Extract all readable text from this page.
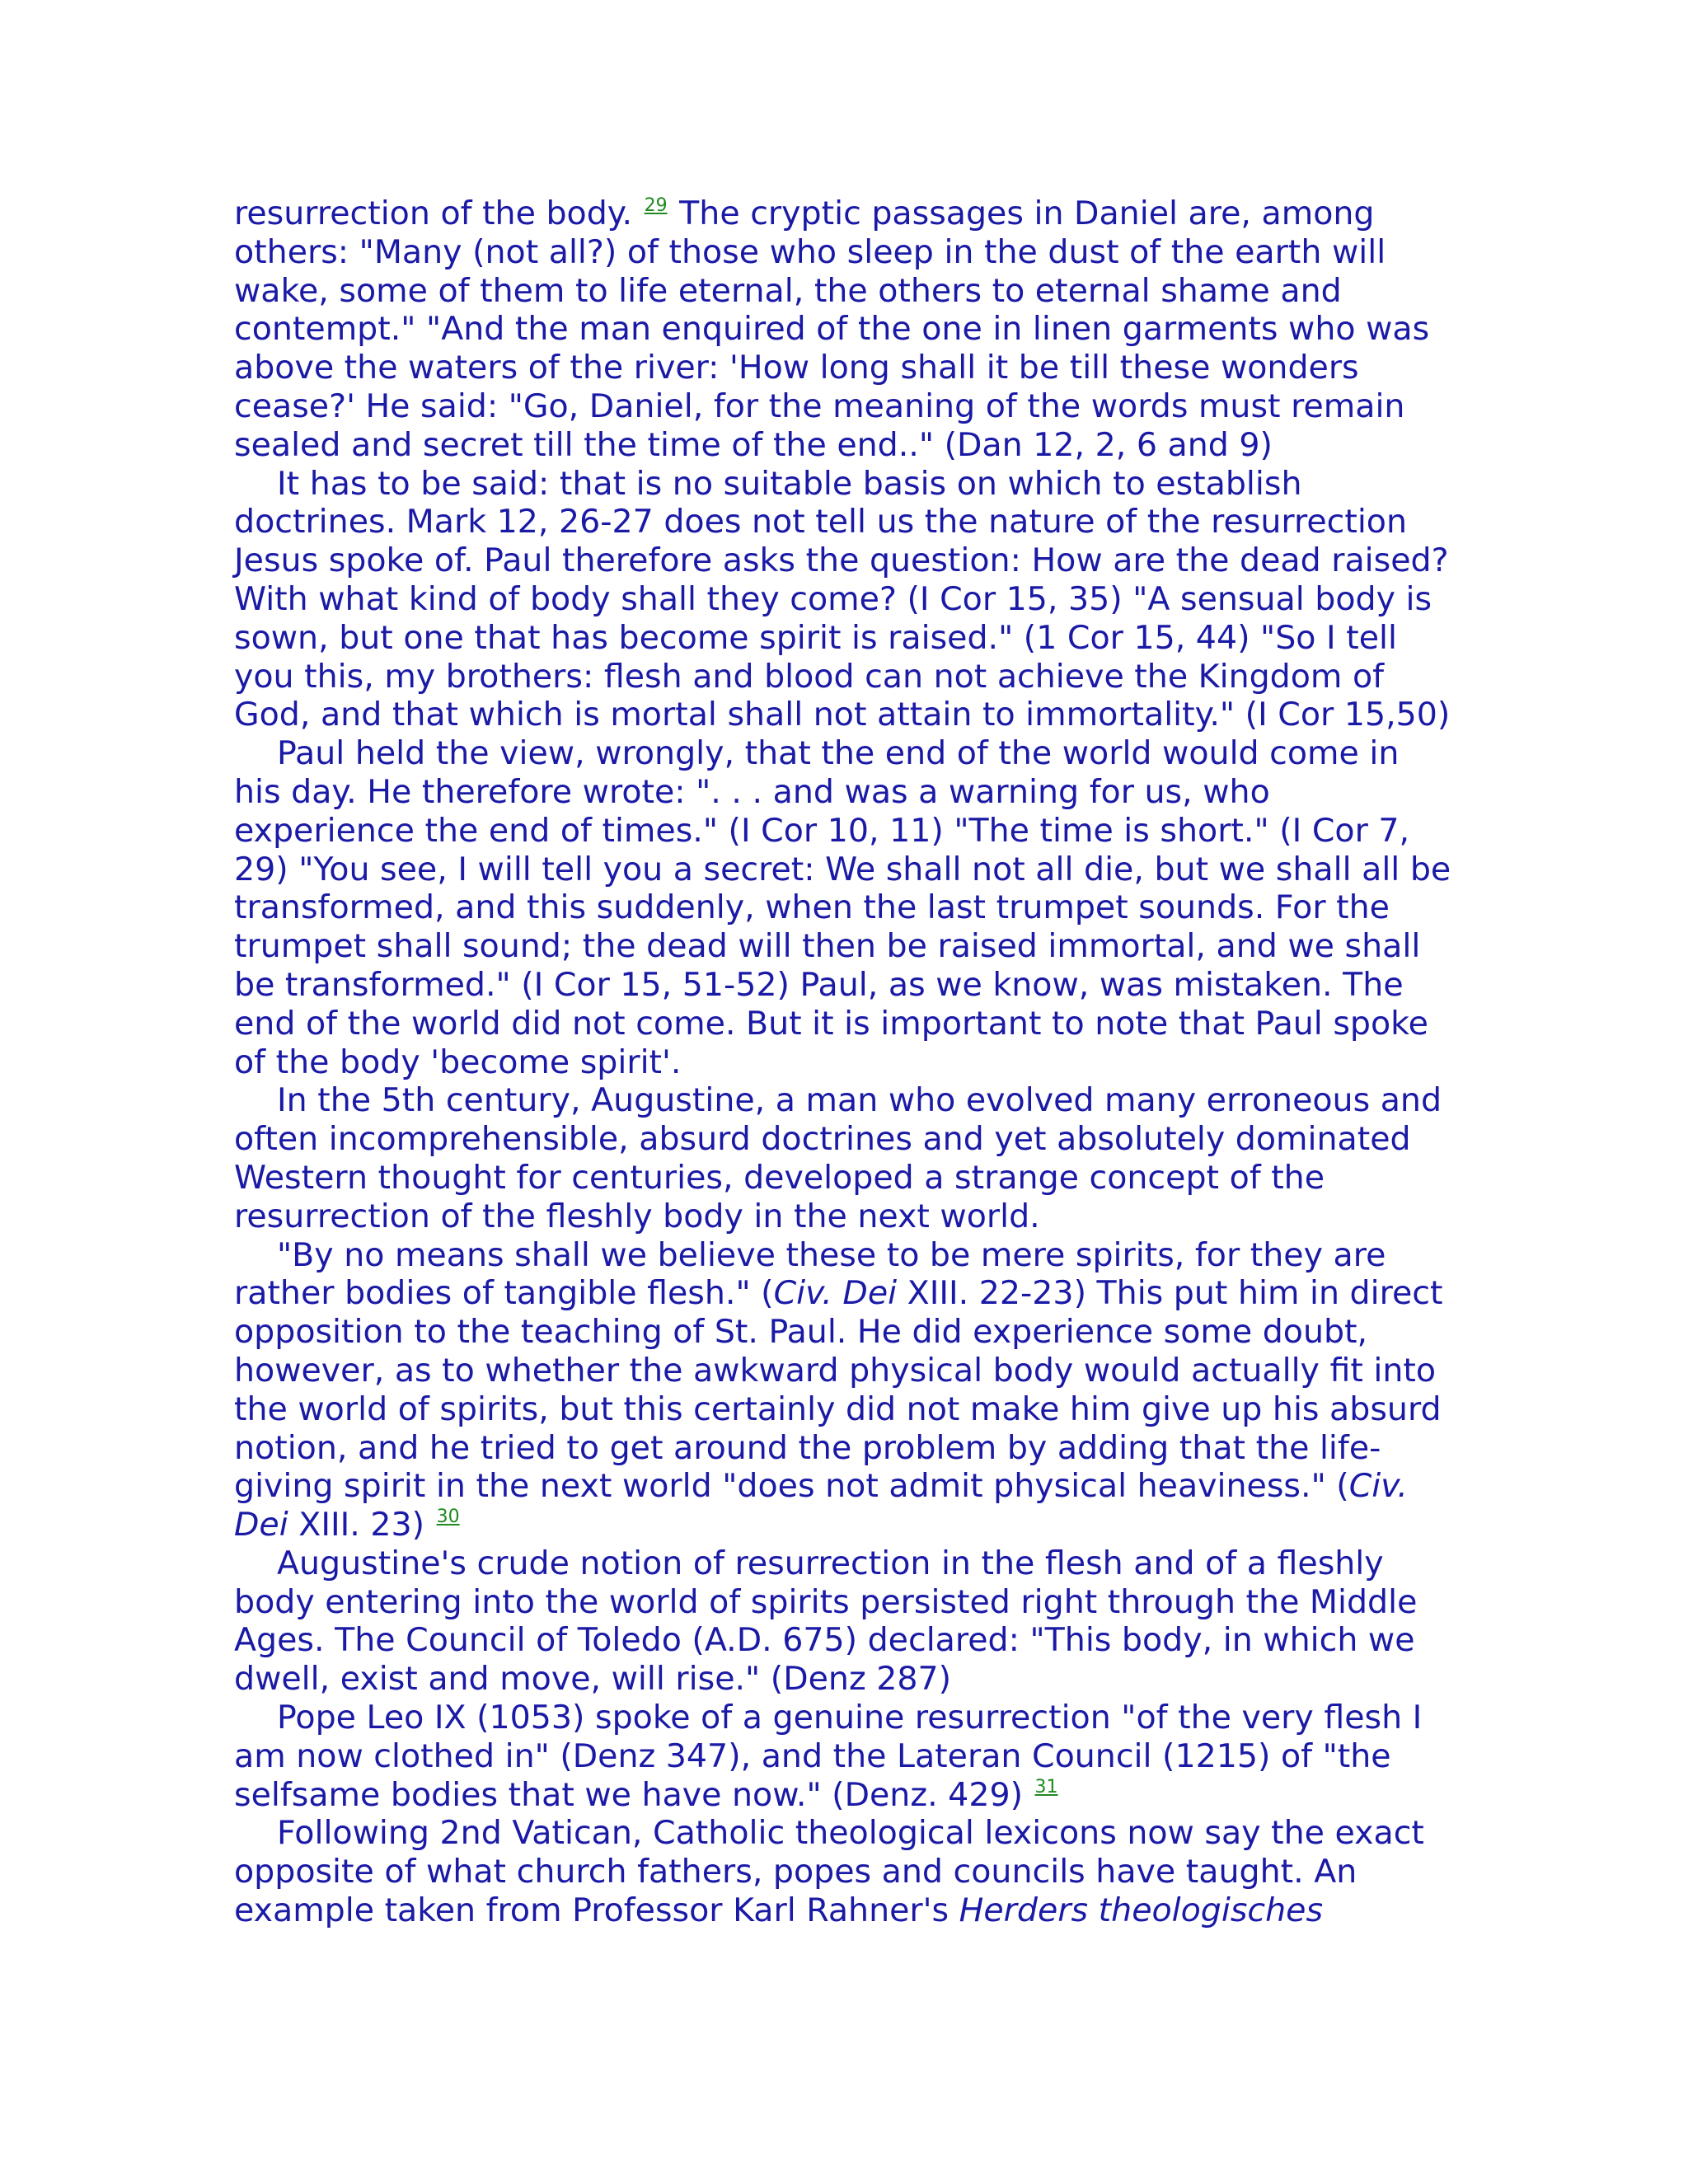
resurrection of the body. $^{29}$ The cryptic passages in Daniel are, among others: "Many (not all?) of those who sleep in the dust of the earth will wake, some of them to life eternal, the others to eternal shame and contempt." "And the man enquired of the one in linen garments who was above the waters of the river: 'How long shall it be till these wonders cease?' He said: "Go, Daniel, for the meaning of the words must remain sealed and secret till the time of the end.." (Dan 12, 2, 6 and 9)

It has to be said: that is no suitable basis on which to establish doctrines. Mark 12, 26-27 does not tell us the nature of the resurrection Jesus spoke of. Paul therefore asks the question: How are the dead raised? With what kind of body shall they come? (I Cor 15, 35) "A sensual body is sown, but one that has become spirit is raised." (1 Cor 15, 44) "So I tell you this, my brothers: flesh and blood can not achieve the Kingdom of God, and that which is mortal shall not attain to immortality." (I Cor 15,50)

Paul held the view, wrongly, that the end of the world would come in his day. He therefore wrote: ". . . and was a warning for us, who experience the end of times." (I Cor 10, 11) "The time is short." (I Cor 7, 29) "You see, I will tell you a secret: We shall not all die, but we shall all be transformed, and this suddenly, when the last trumpet sounds. For the trumpet shall sound; the dead will then be raised immortal, and we shall be transformed." (I Cor 15, 51-52) Paul, as we know, was mistaken. The end of the world did not come. But it is important to note that Paul spoke of the body 'become spirit'.

In the 5th century, Augustine, a man who evolved many erroneous and often incomprehensible, absurd doctrines and yet absolutely dominated Western thought for centuries, developed a strange concept of the resurrection of the fleshly body in the next world.

"By no means shall we believe these to be mere spirits, for they are rather bodies of tangible flesh." (Civ. Dei XIII. 22-23) This put him in direct opposition to the teaching of St. Paul. He did experience some doubt, however, as to whether the awkward physical body would actually fit into the world of spirits, but this certainly did not make him give up his absurd notion, and he tried to get around the problem by adding that the life-giving spirit in the next world "does not admit physical heaviness." (Civ. Dei XIII. 23) $^{30}$

Augustine's crude notion of resurrection in the flesh and of a fleshly body entering into the world of spirits persisted right through the Middle Ages. The Council of Toledo (A.D. 675) declared: "This body, in which we dwell, exist and move, will rise." (Denz 287)

Pope Leo IX (1053) spoke of a genuine resurrection "of the very flesh I am now clothed in" (Denz 347), and the Lateran Council (1215) of "the selfsame bodies that we have now." (Denz. 429) $^{31}$

Following 2nd Vatican, Catholic theological lexicons now say the exact opposite of what church fathers, popes and councils have taught. An example taken from Professor Karl Rahner's Herders theologisches
